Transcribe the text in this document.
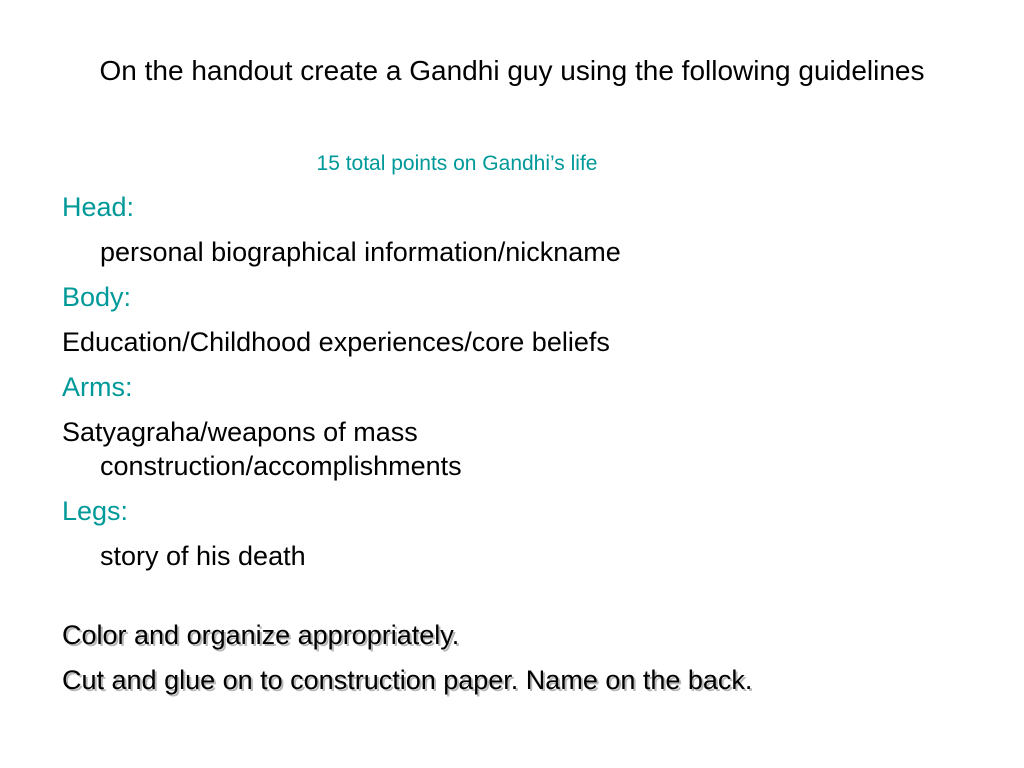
On the handout create a Gandhi guy using the following guidelines
15 total points on Gandhi’s life
Head:
personal biographical information/nickname
Body:
Education/Childhood experiences/core beliefs
Arms:
Satyagraha/weapons of mass
construction/accomplishments
Legs:
story of his death
Color and organize appropriately.
Cut and glue on to construction paper. Name on the back.
